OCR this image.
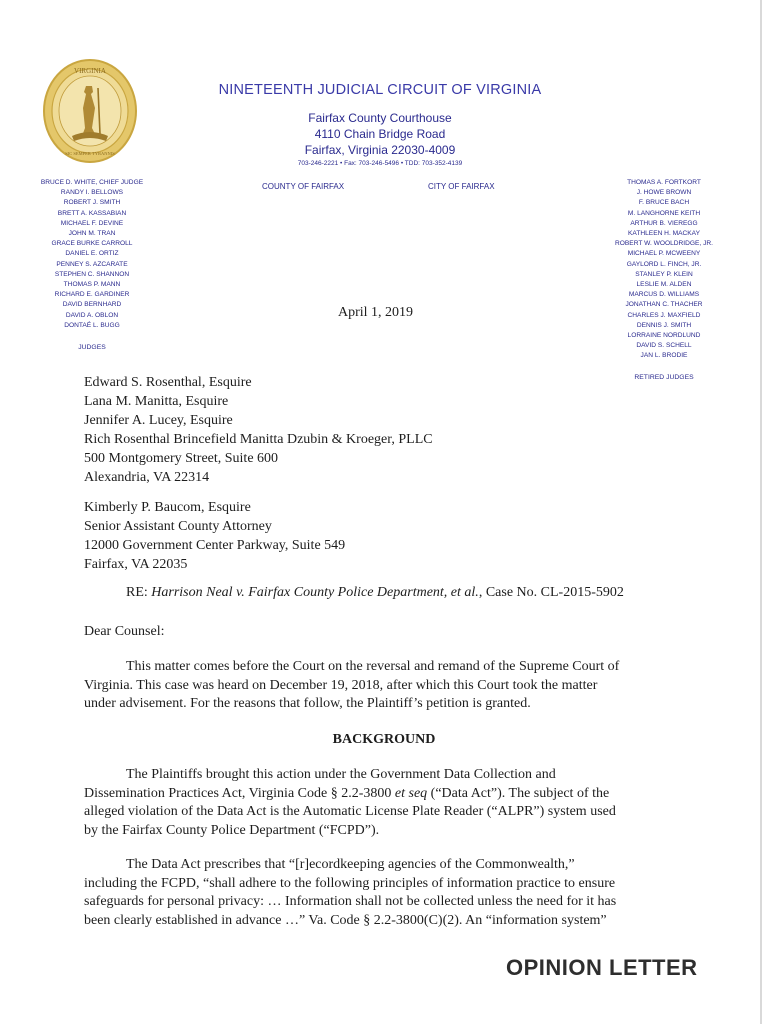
VIRGINIA
SIC SEMPER TYRANNIS
NINETEENTH JUDICIAL CIRCUIT OF VIRGINIA
Fairfax County Courthouse
4110 Chain Bridge Road
Fairfax, Virginia 22030-4009
703-246-2221 • Fax: 703-246-5496 • TDD: 703-352-4139
COUNTY OF FAIRFAX	CITY OF FAIRFAX
BRUCE D. WHITE, CHIEF JUDGE
RANDY I. BELLOWS
ROBERT J. SMITH
BRETT A. KASSABIAN
MICHAEL F. DEVINE
JOHN M. TRAN
GRACE BURKE CARROLL
DANIEL E. ORTIZ
PENNEY S. AZCARATE
STEPHEN C. SHANNON
THOMAS P. MANN
RICHARD E. GARDINER
DAVID BERNHARD
DAVID A. OBLON
DONTAÉ L. BUGG
JUDGES
THOMAS A. FORTKORT
J. HOWE BROWN
F. BRUCE BACH
M. LANGHORNE KEITH
ARTHUR B. VIEREGG
KATHLEEN H. MACKAY
ROBERT W. WOOLDRIDGE, JR.
MICHAEL P. MCWEENY
GAYLORD L. FINCH, JR.
STANLEY P. KLEIN
LESLIE M. ALDEN
MARCUS D. WILLIAMS
JONATHAN C. THACHER
CHARLES J. MAXFIELD
DENNIS J. SMITH
LORRAINE NORDLUND
DAVID S. SCHELL
JAN L. BRODIE
RETIRED JUDGES
April 1, 2019
Edward S. Rosenthal, Esquire
Lana M. Manitta, Esquire
Jennifer A. Lucey, Esquire
Rich Rosenthal Brincefield Manitta Dzubin & Kroeger, PLLC
500 Montgomery Street, Suite 600
Alexandria, VA 22314
Kimberly P. Baucom, Esquire
Senior Assistant County Attorney
12000 Government Center Parkway, Suite 549
Fairfax, VA 22035
RE: Harrison Neal v. Fairfax County Police Department, et al., Case No. CL-2015-5902
Dear Counsel:
This matter comes before the Court on the reversal and remand of the Supreme Court of
Virginia. This case was heard on December 19, 2018, after which this Court took the matter
under advisement. For the reasons that follow, the Plaintiff’s petition is granted.
BACKGROUND
The Plaintiffs brought this action under the Government Data Collection and
Dissemination Practices Act, Virginia Code § 2.2-3800 et seq (“Data Act”). The subject of the
alleged violation of the Data Act is the Automatic License Plate Reader (“ALPR”) system used
by the Fairfax County Police Department (“FCPD”).
The Data Act prescribes that “[r]ecordkeeping agencies of the Commonwealth,”
including the FCPD, “shall adhere to the following principles of information practice to ensure
safeguards for personal privacy: … Information shall not be collected unless the need for it has
been clearly established in advance …” Va. Code § 2.2-3800(C)(2). An “information system”
OPINION LETTER
